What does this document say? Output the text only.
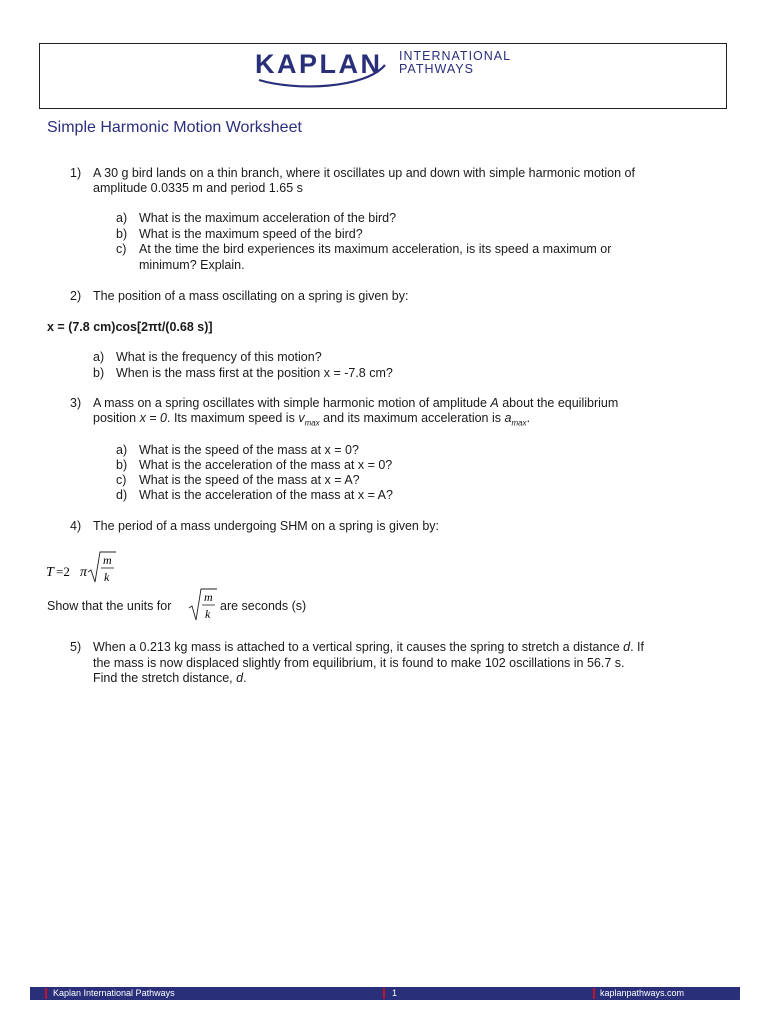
KAPLAN INTERNATIONAL
PATHWAYS
Simple Harmonic Motion Worksheet
1) A 30 g bird lands on a thin branch, where it oscillates up and down with simple harmonic motion of
amplitude 0.0335 m and period 1.65 s
a) What is the maximum acceleration of the bird?
b) What is the maximum speed of the bird?
c) At the time the bird experiences its maximum acceleration, is its speed a maximum or
minimum? Explain.
2) The position of a mass oscillating on a spring is given by:
x = (7.8 cm)cos[2πt/(0.68 s)]
a) What is the frequency of this motion?
b) When is the mass first at the position x = -7.8 cm?
3) A mass on a spring oscillates with simple harmonic motion of amplitude A about the equilibrium
position x = 0. Its maximum speed is $v_{max}$ and its maximum acceleration is $a_{max}$.
a) What is the speed of the mass at x = 0?
b) What is the acceleration of the mass at x = 0?
c) What is the speed of the mass at x = A?
d) What is the acceleration of the mass at x = A?
4) The period of a mass undergoing SHM on a spring is given by:
T =2 π
m
k
Show that the units for
m
k
are seconds (s)
5) When a 0.213 kg mass is attached to a vertical spring, it causes the spring to stretch a distance d. If
the mass is now displaced slightly from equilibrium, it is found to make 102 oscillations in 56.7 s.
Find the stretch distance, d.
Kaplan International Pathways	1	kaplanpathways.com
